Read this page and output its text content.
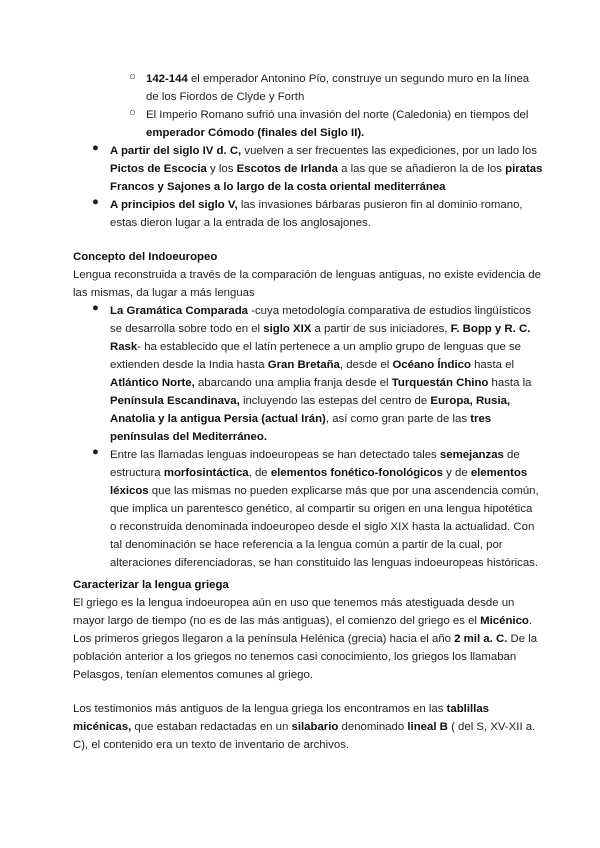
○ 142-144 el emperador Antonino Pío, construye un segundo muro en la línea
de los Fiordos de Clyde y Forth
○ El Imperio Romano sufrió una invasión del norte (Caledonia) en tiempos del
emperador Cómodo (finales del Siglo II).
● A partir del siglo IV d. C, vuelven a ser frecuentes las expediciones, por un lado los
Pictos de Escocia y los Escotos de Irlanda a las que se añadieron la de los piratas
Francos y Sajones a lo largo de la costa oriental mediterránea
● A principios del siglo V, las invasiones bárbaras pusieron fin al dominio romano,
estas dieron lugar a la entrada de los anglosajones.
Concepto del Indoeuropeo
Lengua reconstruida a través de la comparación de lenguas antiguas, no existe evidencia de
las mismas, da lugar a más lenguas
● La Gramática Comparada -cuya metodología comparativa de estudios lingüísticos
se desarrolla sobre todo en el siglo XIX a partir de sus iniciadores, F. Bopp y R. C.
Rask- ha establecido que el latín pertenece a un amplio grupo de lenguas que se
extienden desde la India hasta Gran Bretaña, desde el Océano Índico hasta el
Atlántico Norte, abarcando una amplia franja desde el Turquestán Chino hasta la
Península Escandinava, incluyendo las estepas del centro de Europa, Rusia,
Anatolia y la antigua Persia (actual Irán), así como gran parte de las tres
penínsulas del Mediterráneo.
● Entre las llamadas lenguas indoeuropeas se han detectado tales semejanzas de
estructura morfosintáctica, de elementos fonético-fonológicos y de elementos
léxicos que las mismas no pueden explicarse más que por una ascendencia común,
que implica un parentesco genético, al compartir su origen en una lengua hipotética
o reconstruida denominada indoeuropeo desde el siglo XIX hasta la actualidad. Con
tal denominación se hace referencia a la lengua común a partir de la cual, por
alteraciones diferenciadoras, se han constituido las lenguas indoeuropeas históricas.
Caracterizar la lengua griega
El griego es la lengua indoeuropea aún en uso que tenemos más atestiguada desde un
mayor largo de tiempo (no es de las más antiguas), el comienzo del griego es el Micénico.
Los primeros griegos llegaron a la península Helénica (grecia) hacia el año 2 mil a. C. De la
población anterior a los griegos no tenemos casi conocimiento, los griegos los llamaban
Pelasgos, tenían elementos comunes al griego.
Los testimonios más antiguos de la lengua griega los encontramos en las tablillas
micénicas, que estaban redactadas en un silabario denominado lineal B ( del S, XV-XII a.
C), el contenido era un texto de inventario de archivos.
